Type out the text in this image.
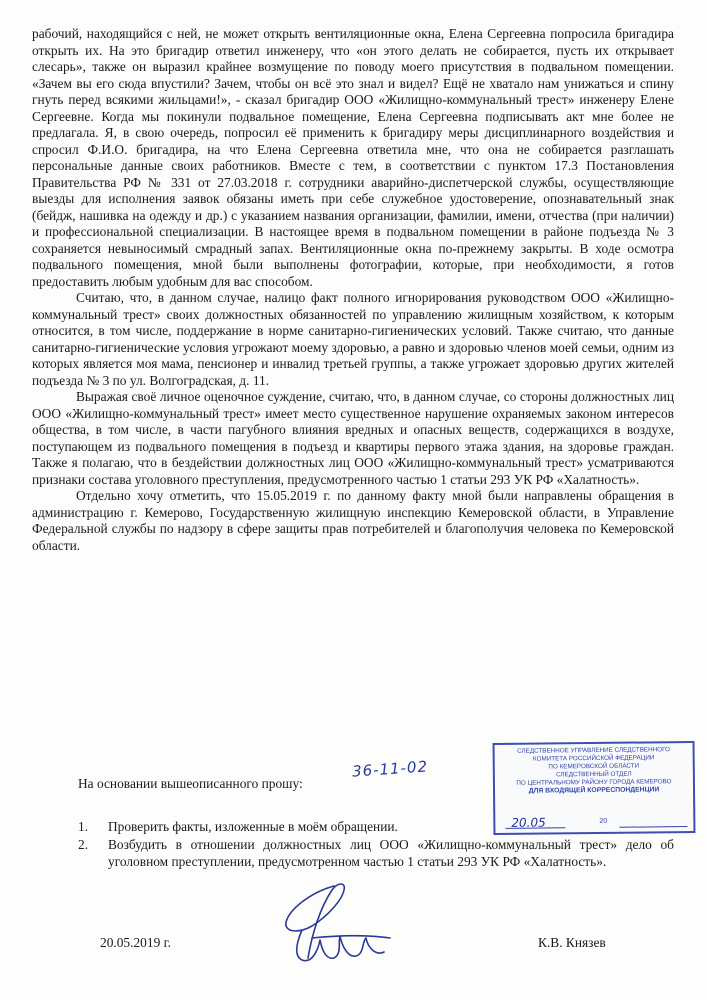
рабочий, находящийся с ней, не может открыть вентиляционные окна, Елена Сергеевна попросила бригадира открыть их. На это бригадир ответил инженеру, что «он этого делать не собирается, пусть их открывает слесарь», также он выразил крайнее возмущение по поводу моего присутствия в подвальном помещении. «Зачем вы его сюда впустили? Зачем, чтобы он всё это знал и видел? Ещё не хватало нам унижаться и спину гнуть перед всякими жильцами!», - сказал бригадир ООО «Жилищно-коммунальный трест» инженеру Елене Сергеевне. Когда мы покинули подвальное помещение, Елена Сергеевна подписывать акт мне более не предлагала. Я, в свою очередь, попросил её применить к бригадиру меры дисциплинарного воздействия и спросил Ф.И.О. бригадира, на что Елена Сергеевна ответила мне, что она не собирается разглашать персональные данные своих работников. Вместе с тем, в соответствии с пунктом 17.3 Постановления Правительства РФ № 331 от 27.03.2018 г. сотрудники аварийно-диспетчерской службы, осуществляющие выезды для исполнения заявок обязаны иметь при себе служебное удостоверение, опознавательный знак (бейдж, нашивка на одежду и др.) с указанием названия организации, фамилии, имени, отчества (при наличии) и профессиональной специализации. В настоящее время в подвальном помещении в районе подъезда № 3 сохраняется невыносимый смрадный запах. Вентиляционные окна по-прежнему закрыты. В ходе осмотра подвального помещения, мной были выполнены фотографии, которые, при необходимости, я готов предоставить любым удобным для вас способом.

Считаю, что, в данном случае, налицо факт полного игнорирования руководством ООО «Жилищно-коммунальный трест» своих должностных обязанностей по управлению жилищным хозяйством, к которым относится, в том числе, поддержание в норме санитарно-гигиенических условий. Также считаю, что данные санитарно-гигиенические условия угрожают моему здоровью, а равно и здоровью членов моей семьи, одним из которых является моя мама, пенсионер и инвалид третьей группы, а также угрожает здоровью других жителей подъезда № 3 по ул. Волгоградская, д. 11.

Выражая своё личное оценочное суждение, считаю, что, в данном случае, со стороны должностных лиц ООО «Жилищно-коммунальный трест» имеет место существенное нарушение охраняемых законом интересов общества, в том числе, в части пагубного влияния вредных и опасных веществ, содержащихся в воздухе, поступающем из подвального помещения в подъезд и квартиры первого этажа здания, на здоровье граждан. Также я полагаю, что в бездействии должностных лиц ООО «Жилищно-коммунальный трест» усматриваются признаки состава уголовного преступления, предусмотренного частью 1 статьи 293 УК РФ «Халатность».

Отдельно хочу отметить, что 15.05.2019 г. по данному факту мной были направлены обращения в администрацию г. Кемерово, Государственную жилищную инспекцию Кемеровской области, в Управление Федеральной службы по надзору в сфере защиты прав потребителей и благополучия человека по Кемеровской области.

36-11-02
СЛЕДСТВЕННОЕ УПРАВЛЕНИЕ СЛЕДСТВЕННОГО
КОМИТЕТА РОССИЙСКОЙ ФЕДЕРАЦИИ
ПО КЕМЕРОВСКОЙ ОБЛАСТИ
СЛЕДСТВЕННЫЙ ОТДЕЛ
ПО ЦЕНТРАЛЬНОМУ РАЙОНУ ГОРОДА КЕМЕРОВО
ДЛЯ ВХОДЯЩЕЙ КОРРЕСПОНДЕНЦИИ
20.05	20
На основании вышеописанного прошу:
1. Проверить факты, изложенные в моём обращении.
2. Возбудить в отношении должностных лиц ООО «Жилищно-коммунальный трест» дело об уголовном преступлении, предусмотренном частью 1 статьи 293 УК РФ «Халатность».
20.05.2019 г.	К.В. Князев
